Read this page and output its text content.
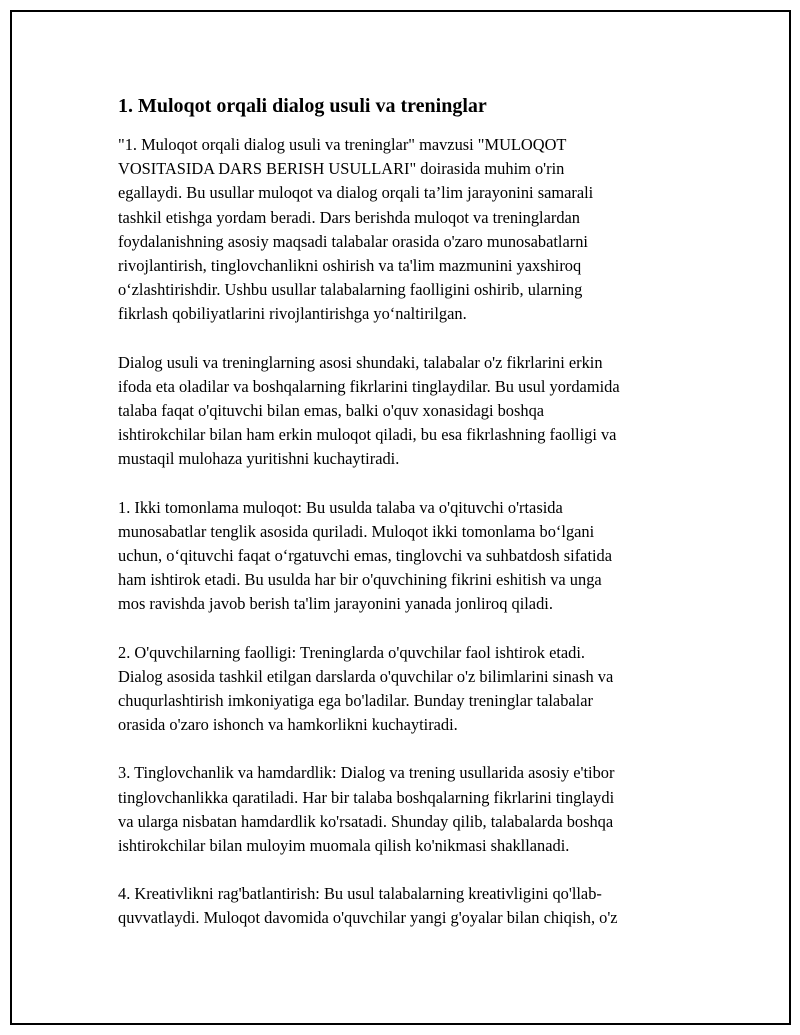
1. Muloqot orqali dialog usuli va treninglar

"1. Muloqot orqali dialog usuli va treninglar" mavzusi "MULOQOT
VOSITASIDA DARS BERISH USULLARI" doirasida muhim o'rin
egallaydi. Bu usullar muloqot va dialog orqali ta’lim jarayonini samarali
tashkil etishga yordam beradi. Dars berishda muloqot va treninglardan
foydalanishning asosiy maqsadi talabalar orasida o'zaro munosabatlarni
rivojlantirish, tinglovchanlikni oshirish va ta'lim mazmunini yaxshiroq
oʻzlashtirishdir. Ushbu usullar talabalarning faolligini oshirib, ularning
fikrlash qobiliyatlarini rivojlantirishga yoʻnaltirilgan.

Dialog usuli va treninglarning asosi shundaki, talabalar o'z fikrlarini erkin
ifoda eta oladilar va boshqalarning fikrlarini tinglaydilar. Bu usul yordamida
talaba faqat o'qituvchi bilan emas, balki o'quv xonasidagi boshqa
ishtirokchilar bilan ham erkin muloqot qiladi, bu esa fikrlashning faolligi va
mustaqil mulohaza yuritishni kuchaytiradi.

1. Ikki tomonlama muloqot: Bu usulda talaba va o'qituvchi o'rtasida
munosabatlar tenglik asosida quriladi. Muloqot ikki tomonlama boʻlgani
uchun, oʻqituvchi faqat oʻrgatuvchi emas, tinglovchi va suhbatdosh sifatida
ham ishtirok etadi. Bu usulda har bir o'quvchining fikrini eshitish va unga
mos ravishda javob berish ta'lim jarayonini yanada jonliroq qiladi.

2. O'quvchilarning faolligi: Treninglarda o'quvchilar faol ishtirok etadi.
Dialog asosida tashkil etilgan darslarda o'quvchilar o'z bilimlarini sinash va
chuqurlashtirish imkoniyatiga ega bo'ladilar. Bunday treninglar talabalar
orasida o'zaro ishonch va hamkorlikni kuchaytiradi.

3. Tinglovchanlik va hamdardlik: Dialog va trening usullarida asosiy e'tibor
tinglovchanlikka qaratiladi. Har bir talaba boshqalarning fikrlarini tinglaydi
va ularga nisbatan hamdardlik ko'rsatadi. Shunday qilib, talabalarda boshqa
ishtirokchilar bilan muloyim muomala qilish ko'nikmasi shakllanadi.

4. Kreativlikni rag'batlantirish: Bu usul talabalarning kreativligini qo'llab-
quvvatlaydi. Muloqot davomida o'quvchilar yangi g'oyalar bilan chiqish, o'z
